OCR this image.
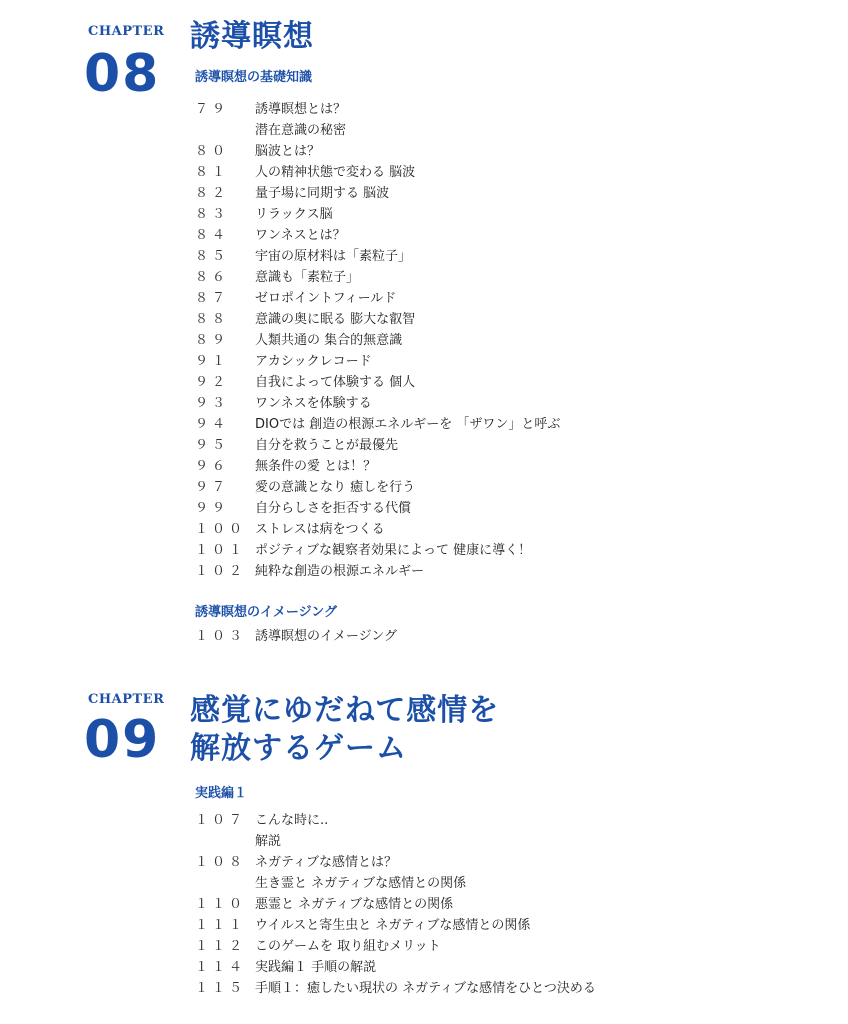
CHAPTER
08
誘導瞑想
誘導瞑想の基礎知識
７９ 誘導瞑想とは？
潜在意識の秘密
８０ 脳波とは？
８１ 人の精神状態で変わる 脳波
８２ 量子場に同期する 脳波
８３ リラックス脳
８４ ワンネスとは？
８５ 宇宙の原材料は「素粒子」
８６ 意識も「素粒子」
８７ ゼロポイントフィールド
８８ 意識の奥に眠る 膨大な叡智
８９ 人類共通の 集合的無意識
９１ アカシックレコード
９２ 自我によって体験する 個人
９３ ワンネスを体験する
９４ DIOでは 創造の根源エネルギーを 「ザワン」と呼ぶ
９５ 自分を救うことが最優先
９６ 無条件の愛 とは！？
９７ 愛の意識となり 癒しを行う
９９ 自分らしさを拒否する代償
１００ ストレスは病をつくる
１０１ ポジティブな観察者効果によって 健康に導く！
１０２ 純粋な創造の根源エネルギー
誘導瞑想のイメージング
１０３ 誘導瞑想のイメージング
CHAPTER
09 感覚にゆだねて感情を
解放するゲーム
実践編１
１０７ こんな時に..
解説
１０８ ネガティブな感情とは？
生き霊と ネガティブな感情との関係
１１０ 悪霊と ネガティブな感情との関係
１１１ ウイルスと寄生虫と ネガティブな感情との関係
１１２ このゲームを 取り組むメリット
１１４ 実践編１ 手順の解説
１１５ 手順１：癒したい現状の ネガティブな感情をひとつ決める
